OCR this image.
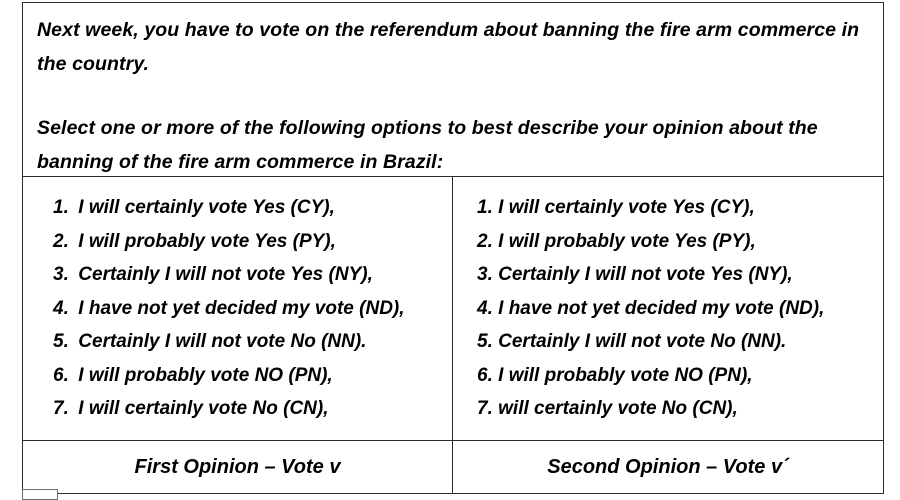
Next week, you have to vote on the referendum about banning the fire arm commerce in the country.

Select one or more of the following options to best describe your opinion about the banning of the fire arm commerce in Brazil:

1. I will certainly vote Yes (CY),
2. I will probably vote Yes (PY),
3. Certainly I will not vote Yes (NY),
4. I have not yet decided my vote (ND),
5. Certainly I will not vote No (NN).
6. I will probably vote NO (PN),
7. I will certainly vote No (CN),
1. I will certainly vote Yes (CY),
2. I will probably vote Yes (PY),
3. Certainly I will not vote Yes (NY),
4. I have not yet decided my vote (ND),
5. Certainly I will not vote No (NN).
6. I will probably vote NO (PN),
7. will certainly vote No (CN),
First Opinion – Vote v	Second Opinion – Vote v´
